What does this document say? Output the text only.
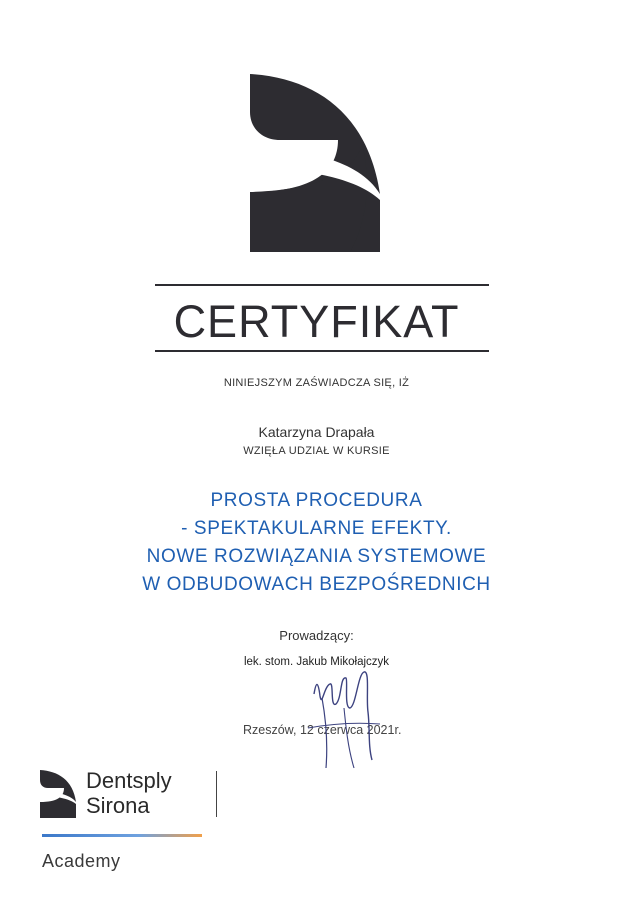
CERTYFIKAT
NINIEJSZYM ZAŚWIADCZA SIĘ, IŻ
Katarzyna Drapała
WZIĘŁA UDZIAŁ W KURSIE
PROSTA PROCEDURA
- SPEKTAKULARNE EFEKTY.
NOWE ROZWIĄZANIA SYSTEMOWE
W ODBUDOWACH BEZPOŚREDNICH
Prowadzący:
lek. stom. Jakub Mikołajczyk
Rzeszów, 12 czerwca 2021r.
Dentsply
Sirona
Academy
